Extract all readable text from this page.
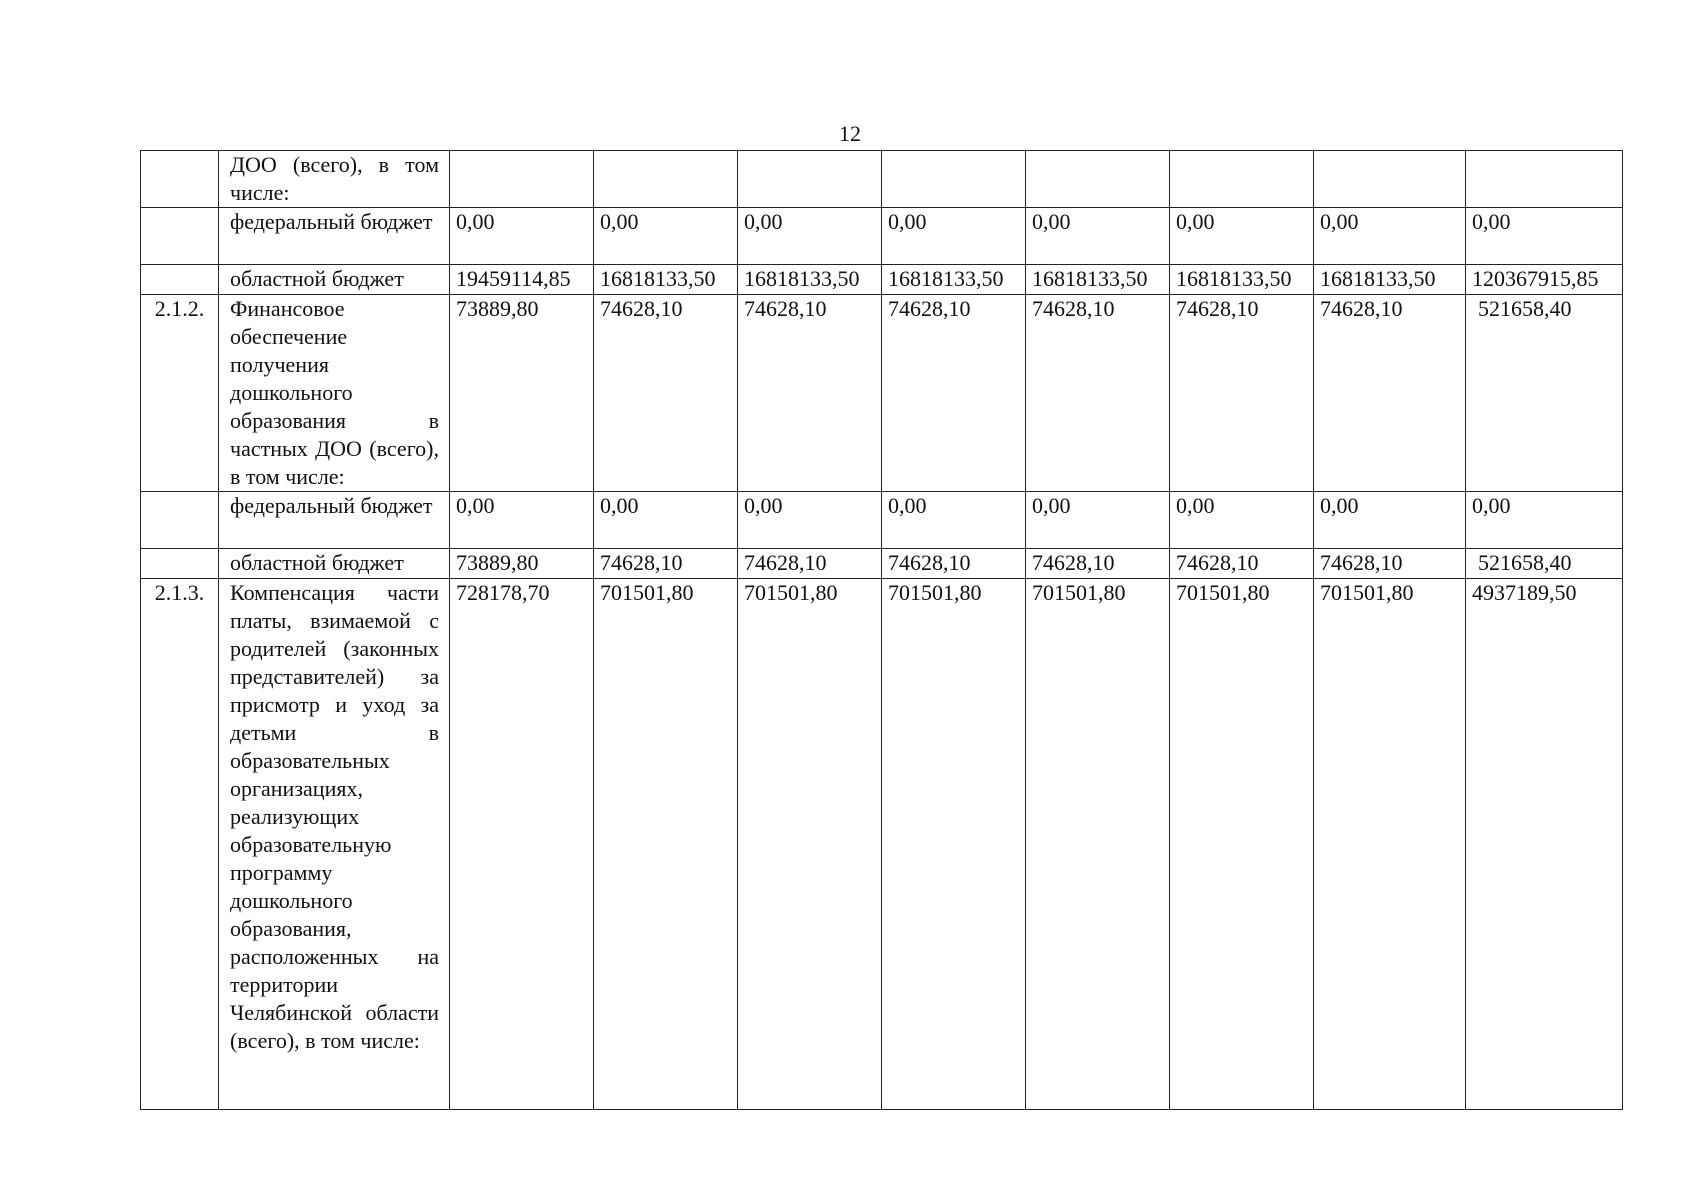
12
	ДОО (всего), в том числе:								
	федеральный бюджет	0,00	0,00	0,00	0,00	0,00	0,00	0,00	0,00
	областной бюджет	19459114,85	16818133,50	16818133,50	16818133,50	16818133,50	16818133,50	16818133,50	120367915,85
2.1.2.	Финансовое обеспечение получения дошкольного образования в частных ДОО (всего), в том числе:	73889,80	74628,10	74628,10	74628,10	74628,10	74628,10	74628,10	521658,40
	федеральный бюджет	0,00	0,00	0,00	0,00	0,00	0,00	0,00	0,00
	областной бюджет	73889,80	74628,10	74628,10	74628,10	74628,10	74628,10	74628,10	521658,40
2.1.3.	Компенсация части платы, взимаемой с родителей (законных представителей) за присмотр и уход за детьми в образовательных организациях, реализующих образовательную программу дошкольного образования, расположенных на территории Челябинской области (всего), в том числе:	728178,70	701501,80	701501,80	701501,80	701501,80	701501,80	701501,80	4937189,50
